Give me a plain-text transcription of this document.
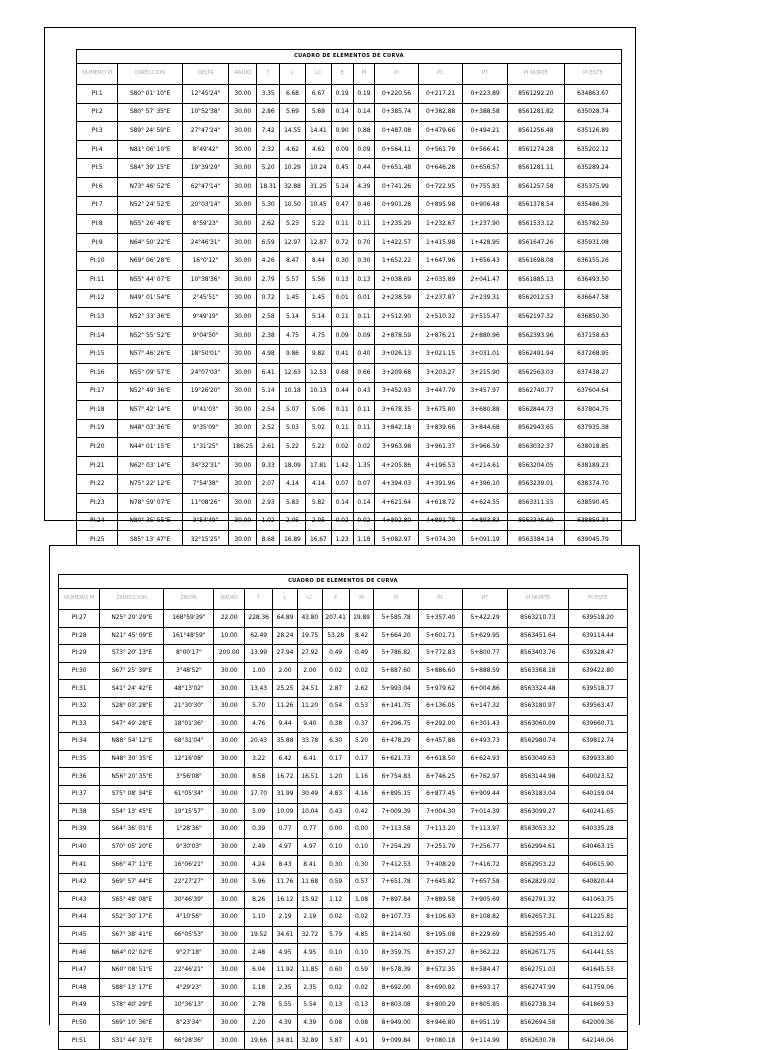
CUADRO DE ELEMENTOS DE CURVA													
NUMERO PI	DIRECCION	DELTA	RADIO	T	L	LC	E	M	PI	PC	PT	PI NORTE	PI ESTE
PI:1	S80° 01' 10"E	12°45'24"	30.00	3.35	6.68	6.67	0.19	0.19	0+220.56	0+217.21	0+223.89	8561292.20	634863.67
PI:2	S80° 57' 35"E	10°52'38"	30.00	2.86	5.69	5.69	0.14	0.14	0+385.74	0+382.88	0+388.58	8561281.82	635028.74
PI:3	S89° 24' 59"E	27°47'24"	30.00	7.42	14.55	14.41	0.90	0.88	0+487.08	0+479.66	0+494.21	8561256.48	635126.89
PI:4	N81° 06' 10"E	8°49'42"	30.00	2.32	4.62	4.62	0.09	0.09	0+564.11	0+561.79	0+566.41	8561274.28	635202.12
PI:5	S84° 39' 15"E	19°39'29"	30.00	5.20	10.29	10.24	0.45	0.44	0+651.48	0+646.28	0+656.57	8561281.11	635289.24
PI:6	N73° 46' 52"E	62°47'14"	30.00	18.31	32.88	31.25	5.14	4.39	0+741.26	0+722.95	0+755.83	8561257.58	635375.99
PI:7	N52° 24' 52"E	20°03'14"	30.00	5.30	10.50	10.45	0.47	0.46	0+901.28	0+895.98	0+906.48	8561378.54	635486.39
PI:8	N55° 26' 48"E	8°59'23"	30.00	2.62	5.23	5.22	0.11	0.11	1+235.29	1+232.67	1+237.90	8561533.12	635782.59
PI:9	N64° 50' 22"E	24°46'31"	30.00	6.59	12.97	12.87	0.72	0.70	1+422.57	1+415.98	1+428.95	8561647.26	635931.08
PI:10	N69° 06' 28"E	16°0'12"	30.00	4.26	8.47	8.44	0.30	0.30	1+652.22	1+647.96	1+656.43	8561698.08	636155.26
PI:11	N55° 44' 07"E	10°38'36"	30.00	2.79	5.57	5.56	0.13	0.13	2+038.69	2+035.89	2+041.47	8561885.13	636493.50
PI:12	N49° 01' 54"E	2°45'51"	30.00	0.72	1.45	1.45	0.01	0.01	2+238.59	2+237.87	2+239.31	8562012.53	636647.58
PI:13	N52° 33' 36"E	9°49'19"	30.00	2.58	5.14	5.14	0.11	0.11	2+512.90	2+510.32	2+515.47	8562197.32	636850.30
PI:14	N52° 55' 52"E	9°04'50"	30.00	2.38	4.75	4.75	0.09	0.09	2+878.59	2+876.21	2+880.96	8562393.96	637158.63
PI:15	N57° 46' 26"E	18°50'01"	30.00	4.98	9.86	9.82	0.41	0.40	3+026.13	3+021.15	3+031.01	8562491.94	637268.95
PI:16	N55° 09' 57"E	24°07'03"	30.00	6.41	12.63	12.53	0.68	0.66	3+209.68	3+203.27	3+215.90	8562563.03	637438.27
PI:17	N52° 49' 36"E	19°26'20"	30.00	5.14	10.18	10.13	0.44	0.43	3+452.93	3+447.79	3+457.97	8562740.77	637604.64
PI:18	N57° 42' 14"E	9°41'03"	30.00	2.54	5.07	5.06	0.11	0.11	3+678.35	3+675.80	3+680.88	8562844.73	637804.75
PI:19	N48° 03' 36"E	9°35'09"	30.00	2.52	5.03	5.02	0.11	0.11	3+842.18	3+839.66	3+844.68	8562943.65	637935.38
PI:20	N44° 01' 15"E	1°31'25"	186.25	2.61	5.22	5.22	0.02	0.02	3+963.98	3+961.37	3+966.59	8563032.37	638018.85
PI:21	N62° 03' 14"E	34°32'31"	30.00	9.33	18.09	17.81	1.42	1.35	4+205.86	4+196.53	4+214.61	8563204.05	638189.23
PI:22	N75° 22' 12"E	7°54'38"	30.00	2.07	4.14	4.14	0.07	0.07	4+394.03	4+391.96	4+396.10	8563239.01	638374.70
PI:23	N78° 59' 07"E	11°08'26"	30.00	2.93	5.83	5.82	0.14	0.14	4+621.64	4+618.72	4+624.55	8563311.55	638590.45
PI:24	N80° 35' 55"E	3°54'49"	30.00	1.02	2.05	2.05	0.02	0.02	4+892.80	4+891.78	4+893.83	8563346.69	638859.34
PI:25	S85° 13' 47"E	32°15'25"	30.00	8.68	16.89	16.67	1.23	1.18	5+082.97	5+074.30	5+091.19	8563384.14	639045.79

CUADRO DE ELEMENTOS DE CURVA													
NUMERO PI	DIRECCION	DELTA	RADIO	T	L	LC	E	M	PI	PC	PT	PI NORTE	PI ESTE
PI:27	N25° 20' 29"E	168°59'39"	22.00	228.36	64.89	43.80	207.41	19.89	5+585.78	5+357.40	5+422.29	8563210.73	639518.20
PI:28	N21° 45' 09"E	161°48'59"	10.00	62.49	28.24	19.75	53.28	8.42	5+664.20	5+601.71	5+629.95	8563451.64	639114.44
PI:29	S73° 20' 13"E	8°00'17"	200.00	13.99	27.94	27.92	0.49	0.49	5+786.82	5+772.83	5+800.77	8563403.76	639328.47
PI:30	S67° 25' 39"E	3°48'52"	30.00	1.00	2.00	2.00	0.02	0.02	5+887.60	5+886.60	5+888.59	8563368.18	639422.80
PI:31	S41° 24' 42"E	48°13'02"	30.00	13.43	25.25	24.51	2.87	2.62	5+993.04	5+979.62	6+004.86	8563324.48	639518.77
PI:32	S28° 03' 28"E	21°30'30"	30.00	5.70	11.26	11.20	0.54	0.53	6+141.75	6+136.05	6+147.32	8563180.97	639563.47
PI:33	S47° 49' 28"E	18°01'36"	30.00	4.76	9.44	9.40	0.38	0.37	6+296.75	6+292.00	6+301.43	8563060.09	639660.71
PI:34	N88° 54' 12"E	68°31'04"	30.00	20.43	35.88	33.78	6.30	5.20	6+478.29	6+457.86	6+493.73	8562980.74	639812.74
PI:35	N48° 30' 35"E	12°16'08"	30.00	3.22	6.42	6.41	0.17	0.17	6+621.73	6+618.50	6+624.93	8563049.63	639933.80
PI:36	N56° 20' 35"E	3°56'08"	30.00	8.58	16.72	16.51	1.20	1.16	6+754.83	6+746.25	6+762.97	8563144.98	640023.52
PI:37	S75° 08' 34"E	61°05'34"	30.00	17.70	31.99	30.49	4.83	4.16	6+895.15	6+877.45	6+909.44	8563183.04	640159.04
PI:38	S54° 13' 45"E	19°15'57"	30.00	5.09	10.09	10.04	0.43	0.42	7+009.39	7+004.30	7+014.39	8563099.27	640241.65
PI:39	S64° 36' 01"E	1°28'36"	30.00	0.39	0.77	0.77	0.00	0.00	7+113.58	7+113.20	7+113.97	8563053.32	640335.28
PI:40	S70° 05' 20"E	9°30'03"	30.00	2.49	4.97	4.97	0.10	0.10	7+254.29	7+251.79	7+256.77	8562994.61	640463.15
PI:41	S66° 47' 11"E	16°06'21"	30.00	4.24	8.43	8.41	0.30	0.30	7+412.53	7+408.29	7+416.72	8562953.22	640615.90
PI:42	S69° 57' 44"E	22°27'27"	30.00	5.96	11.76	11.68	0.59	0.57	7+651.78	7+645.82	7+657.58	8562829.02	640820.44
PI:43	S65° 48' 08"E	30°46'39"	30.00	8.26	16.12	15.92	1.12	1.08	7+897.84	7+889.58	7+905.69	8562791.32	641063.75
PI:44	S52° 30' 17"E	4°10'56"	30.00	1.10	2.19	2.19	0.02	0.02	8+107.73	8+106.63	8+108.82	8562657.31	641225.81
PI:45	S67° 38' 41"E	66°05'53"	30.00	19.52	34.61	32.72	5.79	4.85	8+214.60	8+195.08	8+229.69	8562595.40	641312.92
PI:46	N64° 02' 02"E	9°27'18"	30.00	2.48	4.95	4.95	0.10	0.10	8+359.75	8+357.27	8+362.22	8562671.75	641441.55
PI:47	N60° 08' 51"E	22°46'21"	30.00	6.04	11.92	11.85	0.60	0.59	8+578.39	8+572.35	8+584.47	8562751.03	641645.53
PI:48	S88° 13' 17"E	4°29'23"	30.00	1.18	2.35	2.35	0.02	0.02	8+692.00	8+690.82	8+693.17	8562747.99	641759.06
PI:49	S78° 40' 29"E	10°36'13"	30.00	2.78	5.55	5.54	0.13	0.13	8+803.08	8+800.29	8+805.85	8562738.34	641869.53
PI:50	S69° 10' 36"E	8°23'34"	30.00	2.20	4.39	4.39	0.08	0.08	8+949.00	8+946.80	8+951.19	8562694.58	642009.36
PI:51	S31° 44' 31"E	66°28'36"	30.00	19.66	34.81	32.89	5.87	4.91	9+099.84	9+080.18	9+114.99	8562630.78	642146.06
